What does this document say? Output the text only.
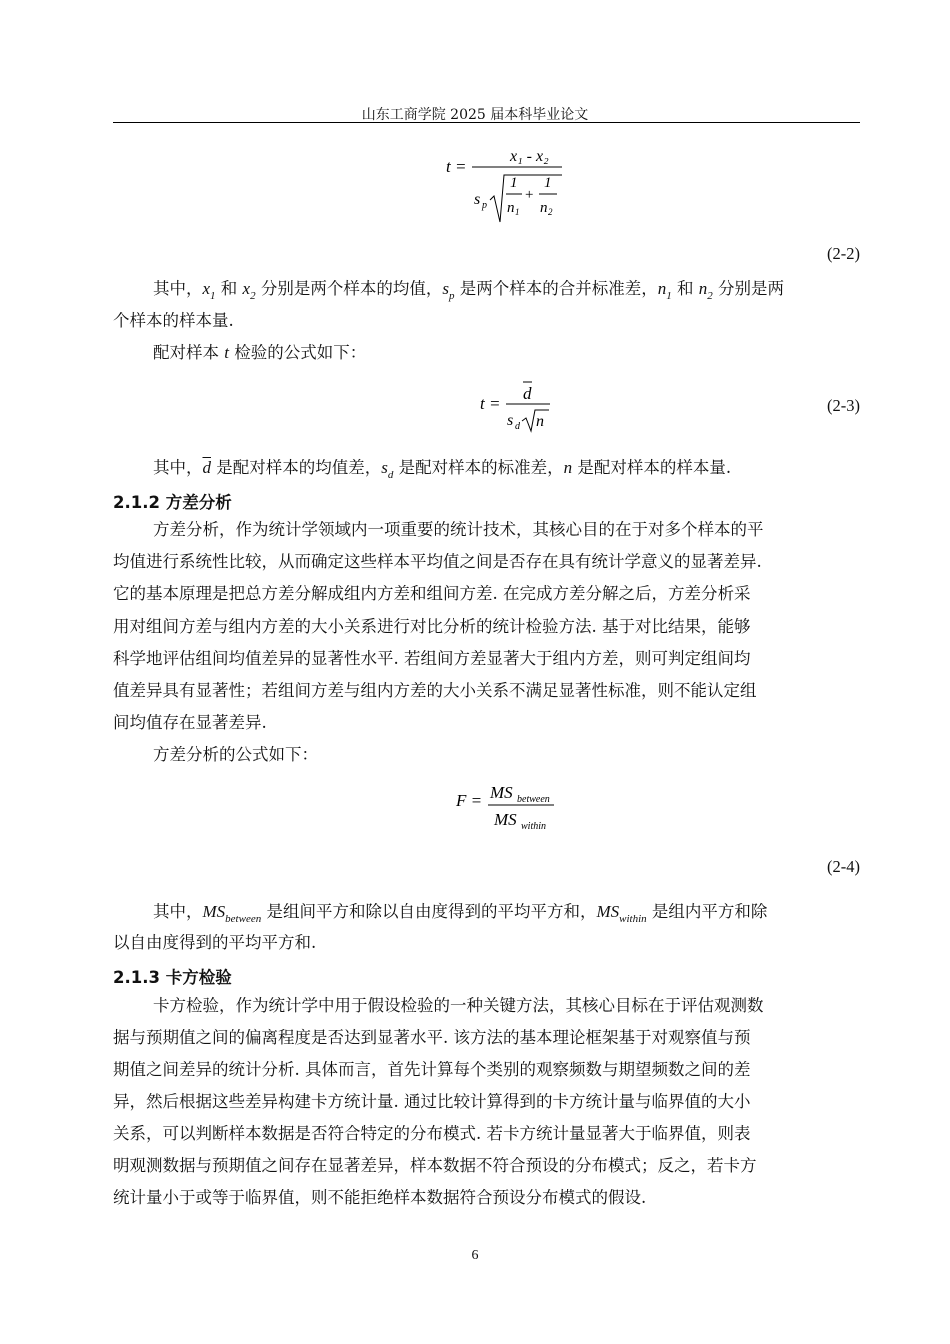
山东工商学院 2025 届本科毕业论文
t =
x₁ - x₂
s p
1
n 1
+
1
n 2
(2-2)
其中，$x_1$ 和 $x_2$ 分别是两个样本的均值，$s_p$ 是两个样本的合并标准差，$n_1$ 和 $n_2$ 分别是两
个样本的样本量.
配对样本 t 检验的公式如下：
t =
d
s d n
(2-3)
其中，$\overline{d}$ 是配对样本的均值差，$s_d$ 是配对样本的标准差，n 是配对样本的样本量.
2.1.2 方差分析
方差分析，作为统计学领域内一项重要的统计技术，其核心目的在于对多个样本的平
均值进行系统性比较，从而确定这些样本平均值之间是否存在具有统计学意义的显著差异.
它的基本原理是把总方差分解成组内方差和组间方差. 在完成方差分解之后，方差分析采
用对组间方差与组内方差的大小关系进行对比分析的统计检验方法. 基于对比结果，能够
科学地评估组间均值差异的显著性水平. 若组间方差显著大于组内方差，则可判定组间均
值差异具有显著性；若组间方差与组内方差的大小关系不满足显著性标准，则不能认定组
间均值存在显著差异.
方差分析的公式如下：
F = MS between
MS within
(2-4)
其中，$MS_{between}$ 是组间平方和除以自由度得到的平均平方和，$MS_{within}$ 是组内平方和除
以自由度得到的平均平方和.
2.1.3 卡方检验
卡方检验，作为统计学中用于假设检验的一种关键方法，其核心目标在于评估观测数
据与预期值之间的偏离程度是否达到显著水平. 该方法的基本理论框架基于对观察值与预
期值之间差异的统计分析. 具体而言，首先计算每个类别的观察频数与期望频数之间的差
异，然后根据这些差异构建卡方统计量. 通过比较计算得到的卡方统计量与临界值的大小
关系，可以判断样本数据是否符合特定的分布模式. 若卡方统计量显著大于临界值，则表
明观测数据与预期值之间存在显著差异，样本数据不符合预设的分布模式；反之，若卡方
统计量小于或等于临界值，则不能拒绝样本数据符合预设分布模式的假设.
6
